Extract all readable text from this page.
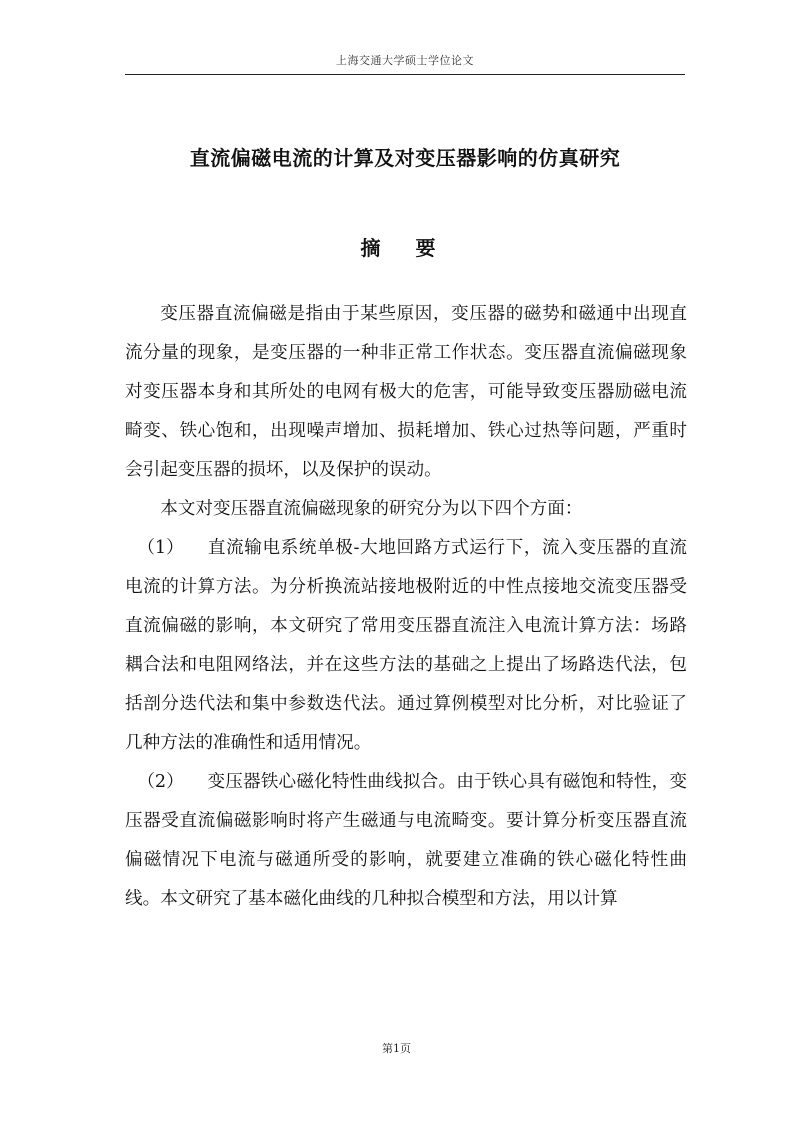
上海交通大学硕士学位论文
直流偏磁电流的计算及对变压器影响的仿真研究
摘 要

变压器直流偏磁是指由于某些原因，变压器的磁势和磁通中出现直流分量的现象，是变压器的一种非正常工作状态。变压器直流偏磁现象对变压器本身和其所处的电网有极大的危害，可能导致变压器励磁电流畸变、铁心饱和，出现噪声增加、损耗增加、铁心过热等问题，严重时会引起变压器的损坏，以及保护的误动。

本文对变压器直流偏磁现象的研究分为以下四个方面：

（1） 直流输电系统单极-大地回路方式运行下，流入变压器的直流电流的计算方法。为分析换流站接地极附近的中性点接地交流变压器受直流偏磁的影响，本文研究了常用变压器直流注入电流计算方法：场路耦合法和电阻网络法，并在这些方法的基础之上提出了场路迭代法，包括剖分迭代法和集中参数迭代法。通过算例模型对比分析，对比验证了几种方法的准确性和适用情况。

（2） 变压器铁心磁化特性曲线拟合。由于铁心具有磁饱和特性，变压器受直流偏磁影响时将产生磁通与电流畸变。要计算分析变压器直流偏磁情况下电流与磁通所受的影响，就要建立准确的铁心磁化特性曲线。本文研究了基本磁化曲线的几种拟合模型和方法，用以计算

第1页
